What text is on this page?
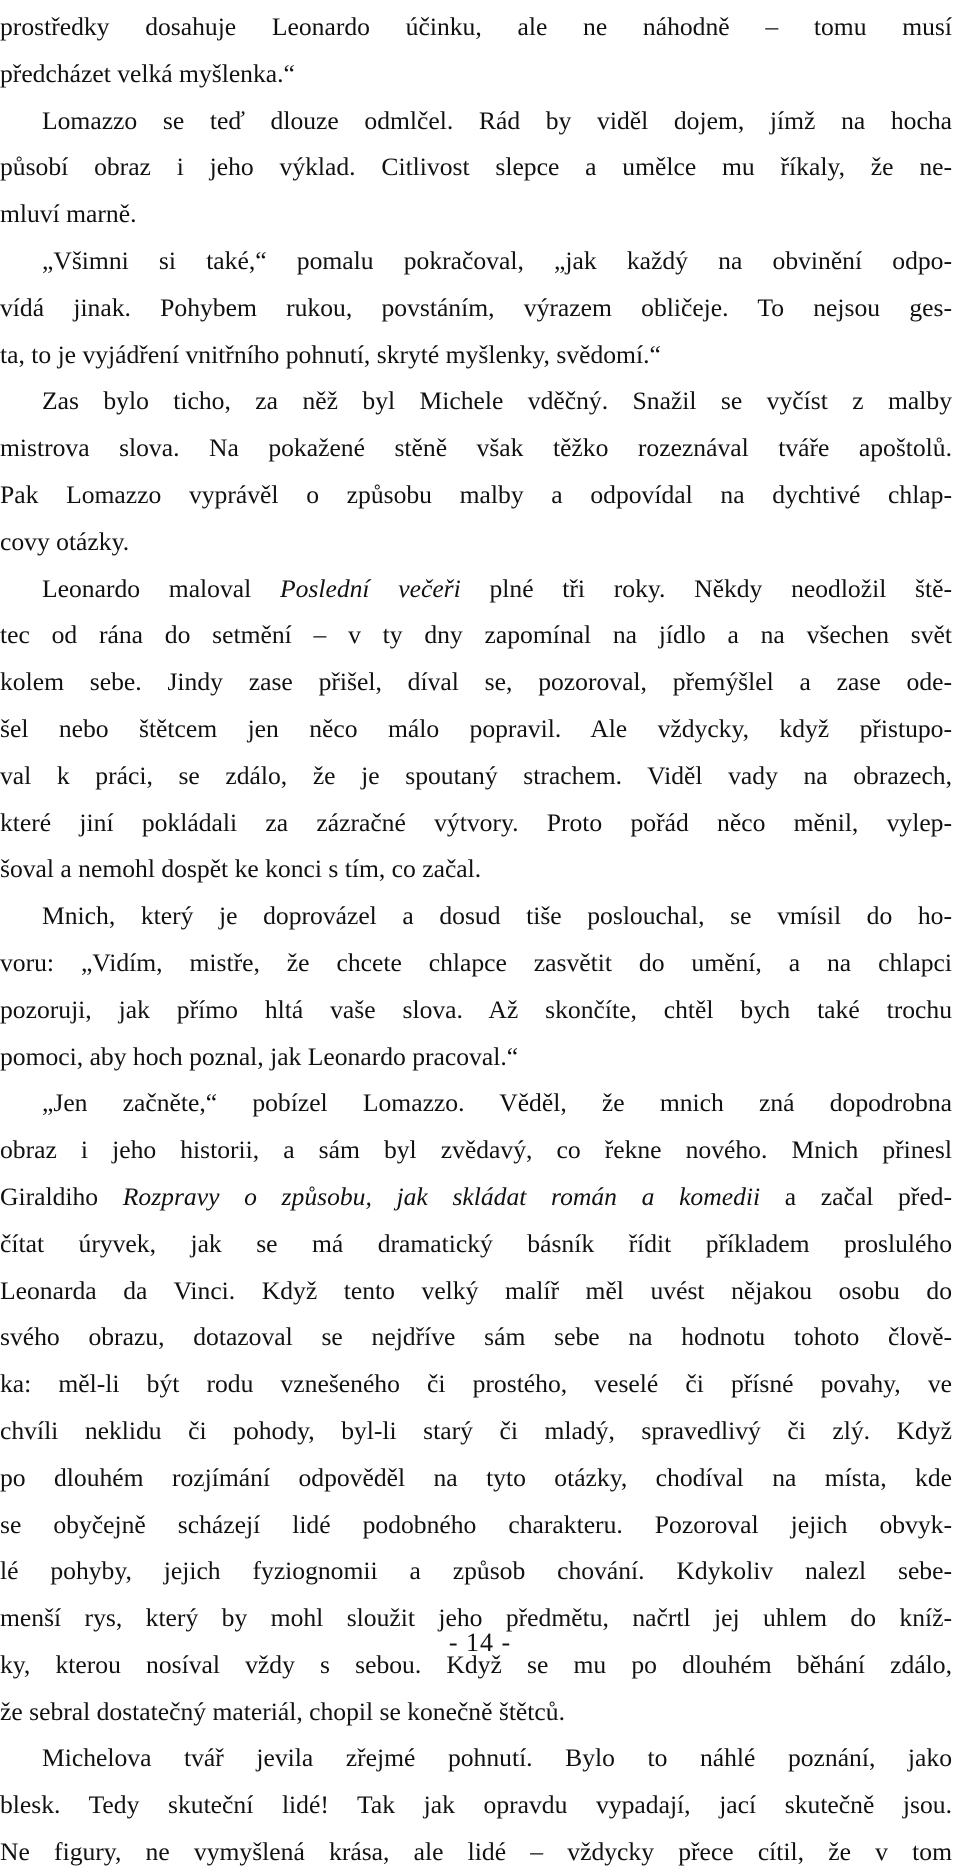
prostředky dosahuje Leonardo účinku, ale ne náhodně – tomu musí
předcházet velká myšlenka.“
Lomazzo se teď dlouze odmlčel. Rád by viděl dojem, jímž na hocha
působí obraz i jeho výklad. Citlivost slepce a umělce mu říkaly, že ne-
mluví marně.
„Všimni si také,“ pomalu pokračoval, „jak každý na obvinění odpo-
vídá jinak. Pohybem rukou, povstáním, výrazem obličeje. To nejsou ges-
ta, to je vyjádření vnitřního pohnutí, skryté myšlenky, svědomí.“
Zas bylo ticho, za něž byl Michele vděčný. Snažil se vyčíst z malby
mistrova slova. Na pokažené stěně však těžko rozeznával tváře apoštolů.
Pak Lomazzo vyprávěl o způsobu malby a odpovídal na dychtivé chlap-
covy otázky.
Leonardo maloval Poslední večeři plné tři roky. Někdy neodložil ště-
tec od rána do setmění – v ty dny zapomínal na jídlo a na všechen svět
kolem sebe. Jindy zase přišel, díval se, pozoroval, přemýšlel a zase ode-
šel nebo štětcem jen něco málo popravil. Ale vždycky, když přistupo-
val k práci, se zdálo, že je spoutaný strachem. Viděl vady na obrazech,
které jiní pokládali za zázračné výtvory. Proto pořád něco měnil, vylep-
šoval a nemohl dospět ke konci s tím, co začal.
Mnich, který je doprovázel a dosud tiše poslouchal, se vmísil do ho-
voru: „Vidím, mistře, že chcete chlapce zasvětit do umění, a na chlapci
pozoruji, jak přímo hltá vaše slova. Až skončíte, chtěl bych také trochu
pomoci, aby hoch poznal, jak Leonardo pracoval.“
„Jen začněte,“ pobízel Lomazzo. Věděl, že mnich zná dopodrobna
obraz i jeho historii, a sám byl zvědavý, co řekne nového. Mnich přinesl
Giraldiho Rozpravy o způsobu, jak skládat román a komedii a začal před-
čítat úryvek, jak se má dramatický básník řídit příkladem proslulého
Leonarda da Vinci. Když tento velký malíř měl uvést nějakou osobu do
svého obrazu, dotazoval se nejdříve sám sebe na hodnotu tohoto člově-
ka: měl-li být rodu vznešeného či prostého, veselé či přísné povahy, ve
chvíli neklidu či pohody, byl-li starý či mladý, spravedlivý či zlý. Když
po dlouhém rozjímání odpověděl na tyto otázky, chodíval na místa, kde
se obyčejně scházejí lidé podobného charakteru. Pozoroval jejich obvyk-
lé pohyby, jejich fyziognomii a způsob chování. Kdykoliv nalezl sebe-
menší rys, který by mohl sloužit jeho předmětu, načrtl jej uhlem do kníž-
ky, kterou nosíval vždy s sebou. Když se mu po dlouhém běhání zdálo,
že sebral dostatečný materiál, chopil se konečně štětců.
Michelova tvář jevila zřejmé pohnutí. Bylo to náhlé poznání, jako
blesk. Tedy skuteční lidé! Tak jak opravdu vypadají, jací skutečně jsou.
Ne figury, ne vymyšlená krása, ale lidé – vždycky přece cítil, že v tom
- 14 -
